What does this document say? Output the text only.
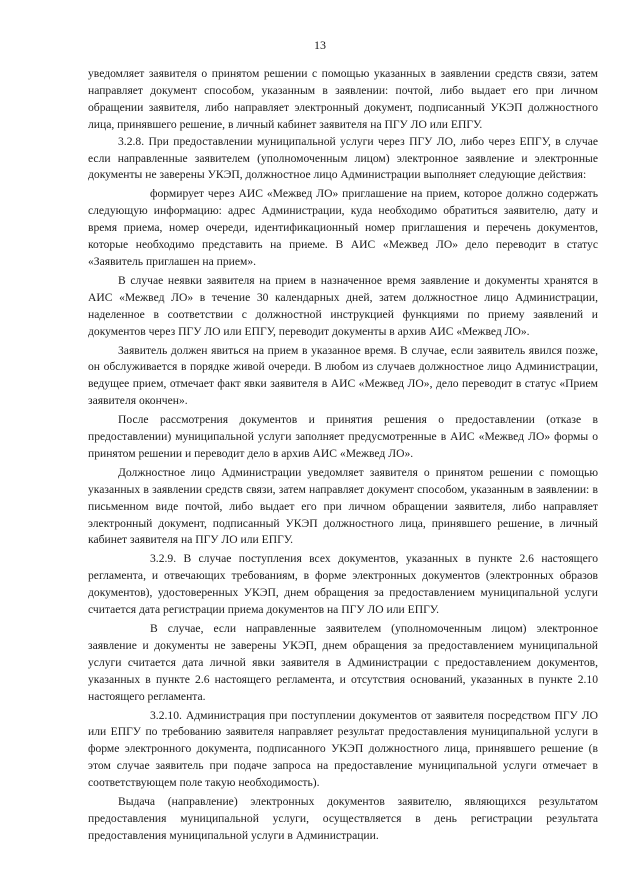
13

уведомляет заявителя о принятом решении с помощью указанных в заявлении средств связи, затем направляет документ способом, указанным в заявлении: почтой, либо выдает его при личном обращении заявителя, либо направляет электронный документ, подписанный УКЭП должностного лица, принявшего решение, в личный кабинет заявителя на ПГУ ЛО или ЕПГУ.

3.2.8. При предоставлении муниципальной услуги через ПГУ ЛО, либо через ЕПГУ, в случае если направленные заявителем (уполномоченным лицом) электронное заявление и электронные документы не заверены УКЭП, должностное лицо Администрации выполняет следующие действия:

формирует через АИС «Межвед ЛО» приглашение на прием, которое должно содержать следующую информацию: адрес Администрации, куда необходимо обратиться заявителю, дату и время приема, номер очереди, идентификационный номер приглашения и перечень документов, которые необходимо представить на приеме. В АИС «Межвед ЛО» дело переводит в статус «Заявитель приглашен на прием».

В случае неявки заявителя на прием в назначенное время заявление и документы хранятся в АИС «Межвед ЛО» в течение 30 календарных дней, затем должностное лицо Администрации, наделенное в соответствии с должностной инструкцией функциями по приему заявлений и документов через ПГУ ЛО или ЕПГУ, переводит документы в архив АИС «Межвед ЛО».

Заявитель должен явиться на прием в указанное время. В случае, если заявитель явился позже, он обслуживается в порядке живой очереди. В любом из случаев должностное лицо Администрации, ведущее прием, отмечает факт явки заявителя в АИС «Межвед ЛО», дело переводит в статус «Прием заявителя окончен».

После рассмотрения документов и принятия решения о предоставлении (отказе в предоставлении) муниципальной услуги заполняет предусмотренные в АИС «Межвед ЛО» формы о принятом решении и переводит дело в архив АИС «Межвед ЛО».

Должностное лицо Администрации уведомляет заявителя о принятом решении с помощью указанных в заявлении средств связи, затем направляет документ способом, указанным в заявлении: в письменном виде почтой, либо выдает его при личном обращении заявителя, либо направляет электронный документ, подписанный УКЭП должностного лица, принявшего решение, в личный кабинет заявителя на ПГУ ЛО или ЕПГУ.

3.2.9. В случае поступления всех документов, указанных в пункте 2.6 настоящего регламента, и отвечающих требованиям, в форме электронных документов (электронных образов документов), удостоверенных УКЭП, днем обращения за предоставлением муниципальной услуги считается дата регистрации приема документов на ПГУ ЛО или ЕПГУ.

В случае, если направленные заявителем (уполномоченным лицом) электронное заявление и документы не заверены УКЭП, днем обращения за предоставлением муниципальной услуги считается дата личной явки заявителя в Администрации с предоставлением документов, указанных в пункте 2.6 настоящего регламента, и отсутствия оснований, указанных в пункте 2.10 настоящего регламента.

3.2.10. Администрация при поступлении документов от заявителя посредством ПГУ ЛО или ЕПГУ по требованию заявителя направляет результат предоставления муниципальной услуги в форме электронного документа, подписанного УКЭП должностного лица, принявшего решение (в этом случае заявитель при подаче запроса на предоставление муниципальной услуги отмечает в соответствующем поле такую необходимость).

Выдача (направление) электронных документов заявителю, являющихся результатом предоставления муниципальной услуги, осуществляется в день регистрации результата предоставления муниципальной услуги в Администрации.
